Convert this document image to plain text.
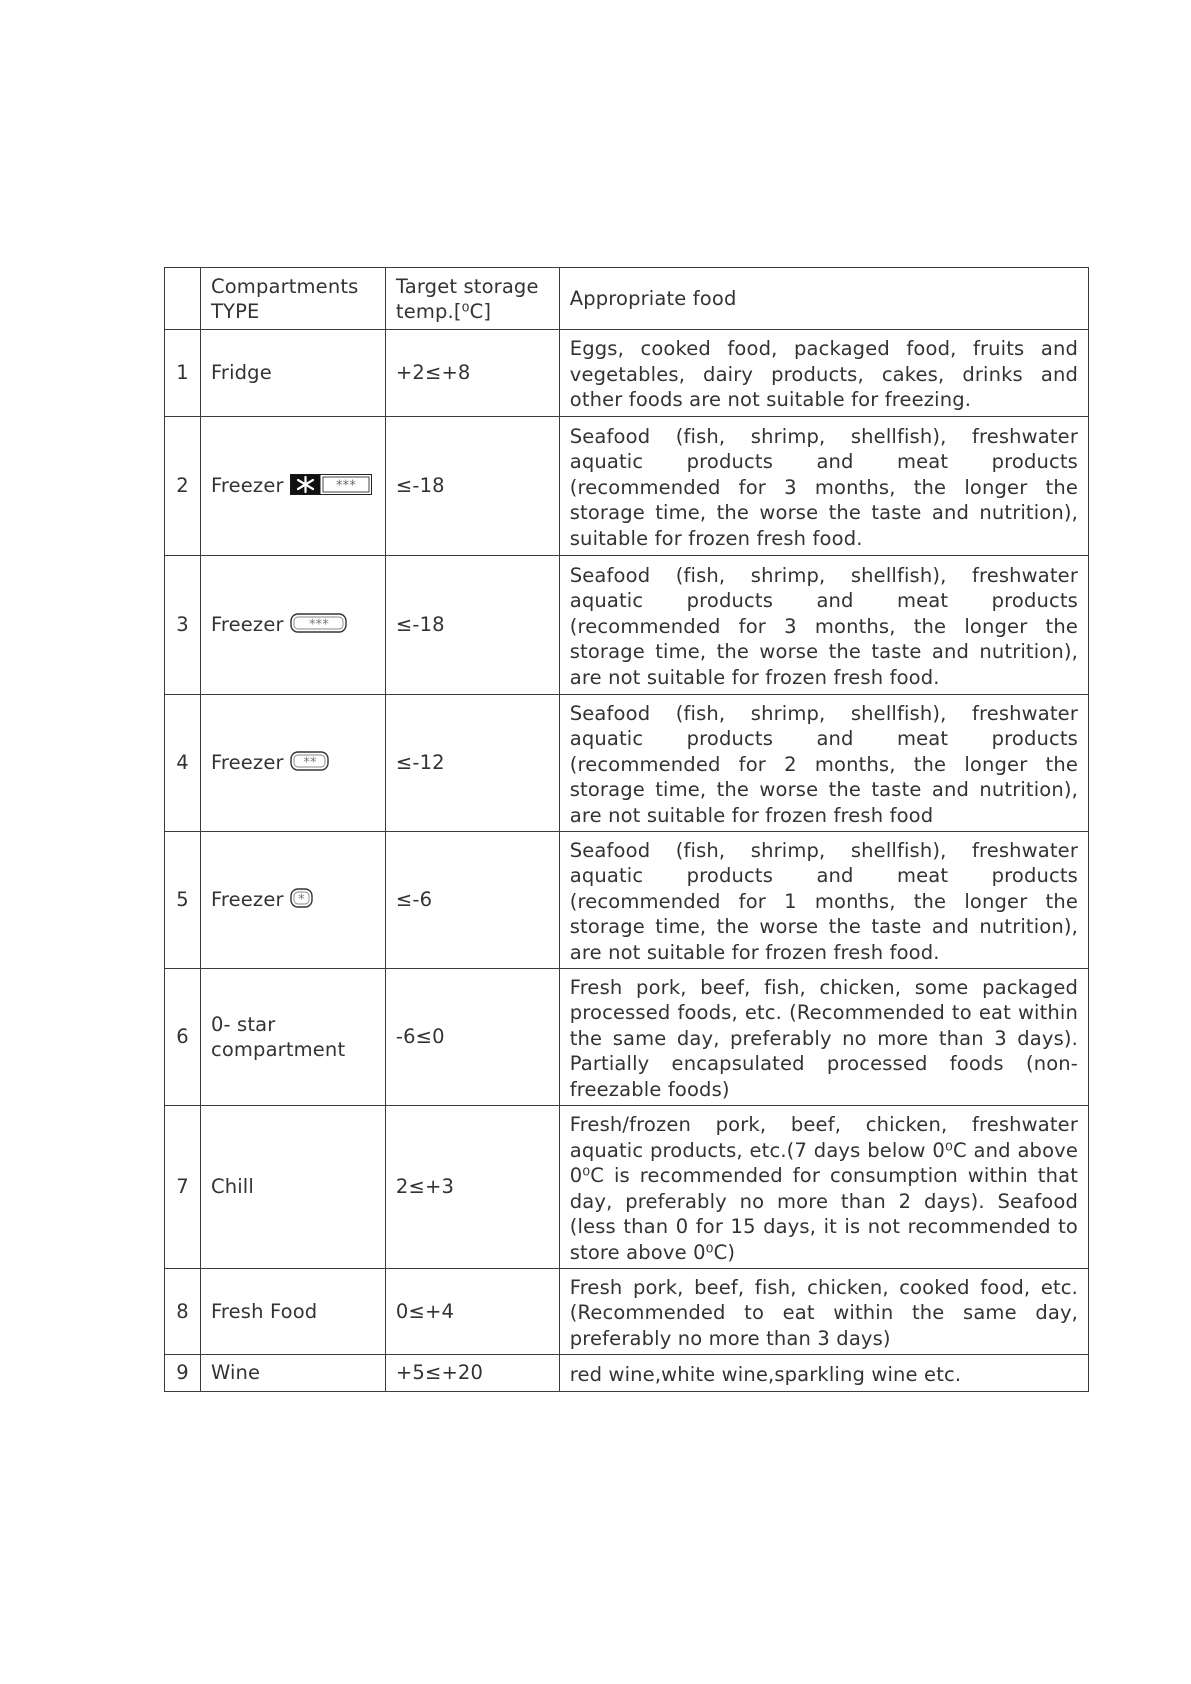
	Compartments TYPE	Target storage temp.[⁰C]	Appropriate food
1	Fridge	+2≤+8	Eggs, cooked food, packaged food, fruits and vegetables, dairy products, cakes, drinks and other foods are not suitable for freezing.
2	Freezer ***	≤-18	Seafood (fish, shrimp, shellfish), freshwater aquatic products and meat products (recommended for 3 months, the longer the storage time, the worse the taste and nutrition), suitable for frozen fresh food.
3	Freezer ***	≤-18	Seafood (fish, shrimp, shellfish), freshwater aquatic products and meat products (recommended for 3 months, the longer the storage time, the worse the taste and nutrition), are not suitable for frozen fresh food.
4	Freezer **	≤-12	Seafood (fish, shrimp, shellfish), freshwater aquatic products and meat products (recommended for 2 months, the longer the storage time, the worse the taste and nutrition), are not suitable for frozen fresh food
5	Freezer *	≤-6	Seafood (fish, shrimp, shellfish), freshwater aquatic products and meat products (recommended for 1 months, the longer the storage time, the worse the taste and nutrition), are not suitable for frozen fresh food.
6	0- star compartment	-6≤0	Fresh pork, beef, fish, chicken, some packaged processed foods, etc. (Recommended to eat within the same day, preferably no more than 3 days). Partially encapsulated processed foods (non-freezable foods)
7	Chill	2≤+3	Fresh/frozen pork, beef, chicken, freshwater aquatic products, etc.(7 days below 0⁰C and above 0⁰C is recommended for consumption within that day, preferably no more than 2 days). Seafood (less than 0 for 15 days, it is not recommended to store above 0⁰C)
8	Fresh Food	0≤+4	Fresh pork, beef, fish, chicken, cooked food, etc. (Recommended to eat within the same day, preferably no more than 3 days)
9	Wine	+5≤+20	red wine,white wine,sparkling wine etc.
